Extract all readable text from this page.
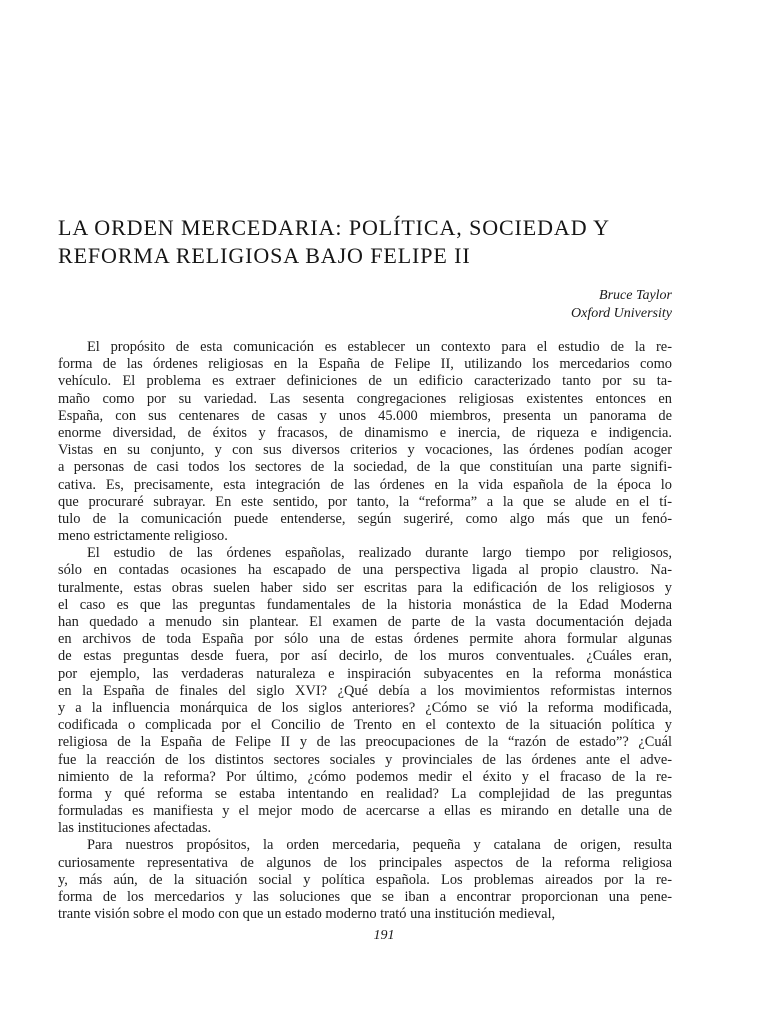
LA ORDEN MERCEDARIA: POLÍTICA, SOCIEDAD Y
REFORMA RELIGIOSA BAJO FELIPE II
Bruce Taylor
Oxford University
El propósito de esta comunicación es establecer un contexto para el estudio de la re-
forma de las órdenes religiosas en la España de Felipe II, utilizando los mercedarios como
vehículo. El problema es extraer definiciones de un edificio caracterizado tanto por su ta-
maño como por su variedad. Las sesenta congregaciones religiosas existentes entonces en
España, con sus centenares de casas y unos 45.000 miembros, presenta un panorama de
enorme diversidad, de éxitos y fracasos, de dinamismo e inercia, de riqueza e indigencia.
Vistas en su conjunto, y con sus diversos criterios y vocaciones, las órdenes podían acoger
a personas de casi todos los sectores de la sociedad, de la que constituían una parte signifi-
cativa. Es, precisamente, esta integración de las órdenes en la vida española de la época lo
que procuraré subrayar. En este sentido, por tanto, la “reforma” a la que se alude en el tí-
tulo de la comunicación puede entenderse, según sugeriré, como algo más que un fenó-
meno estrictamente religioso.
El estudio de las órdenes españolas, realizado durante largo tiempo por religiosos,
sólo en contadas ocasiones ha escapado de una perspectiva ligada al propio claustro. Na-
turalmente, estas obras suelen haber sido ser escritas para la edificación de los religiosos y
el caso es que las preguntas fundamentales de la historia monástica de la Edad Moderna
han quedado a menudo sin plantear. El examen de parte de la vasta documentación dejada
en archivos de toda España por sólo una de estas órdenes permite ahora formular algunas
de estas preguntas desde fuera, por así decirlo, de los muros conventuales. ¿Cuáles eran,
por ejemplo, las verdaderas naturaleza e inspiración subyacentes en la reforma monástica
en la España de finales del siglo XVI? ¿Qué debía a los movimientos reformistas internos
y a la influencia monárquica de los siglos anteriores? ¿Cómo se vió la reforma modificada,
codificada o complicada por el Concilio de Trento en el contexto de la situación política y
religiosa de la España de Felipe II y de las preocupaciones de la “razón de estado”? ¿Cuál
fue la reacción de los distintos sectores sociales y provinciales de las órdenes ante el adve-
nimiento de la reforma? Por último, ¿cómo podemos medir el éxito y el fracaso de la re-
forma y qué reforma se estaba intentando en realidad? La complejidad de las preguntas
formuladas es manifiesta y el mejor modo de acercarse a ellas es mirando en detalle una de
las instituciones afectadas.
Para nuestros propósitos, la orden mercedaria, pequeña y catalana de origen, resulta
curiosamente representativa de algunos de los principales aspectos de la reforma religiosa
y, más aún, de la situación social y política española. Los problemas aireados por la re-
forma de los mercedarios y las soluciones que se iban a encontrar proporcionan una pene-
trante visión sobre el modo con que un estado moderno trató una institución medieval,
191
